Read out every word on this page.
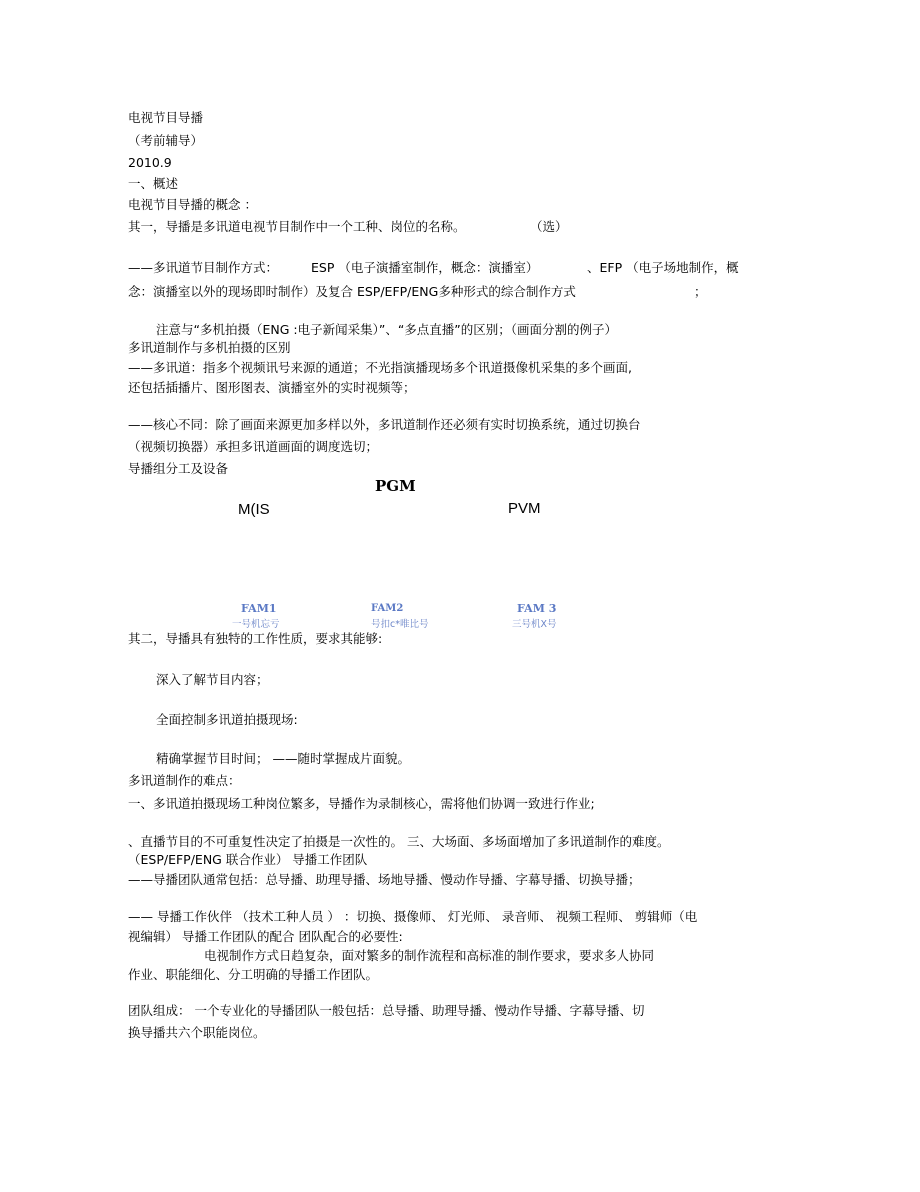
电视节目导播
（考前辅导）
2010.9
一、概述
电视节目导播的概念 ：
其一，导播是多讯道电视节目制作中一个工种、岗位的名称。	（选）
——多讯道节目制作方式：	ESP （电子演播室制作，概念：演播室）	、EFP （电子场地制作，概
念：演播室以外的现场即时制作）及复合 ESP/EFP/ENG多种形式的综合制作方式	；
注意与“多机拍摄（ENG :电子新闻采集）”、“多点直播”的区别；（画面分割的例子）
多讯道制作与多机拍摄的区别
——多讯道：指多个视频讯号来源的通道；不光指演播现场多个讯道摄像机采集的多个画面,
还包括插播片、图形图表、演播室外的实时视频等；
——核心不同：除了画面来源更加多样以外，多讯道制作还必须有实时切换系统，通过切换台
（视频切换器）承担多讯道画面的调度选切；
导播组分工及设备
PGM
M(IS	PVM
FAM1
一号机忘亏
FAM2
号扣c*唯比号
FAM 3
三号机X号
其二，导播具有独特的工作性质，要求其能够:
深入了解节目内容；
全面控制多讯道拍摄现场:
精确掌握节目时间； ——随时掌握成片面貌。
多讯道制作的难点：
一、多讯道拍摄现场工种岗位繁多，导播作为录制核心，需将他们协调一致进行作业;
、直播节目的不可重复性决定了拍摄是一次性的。 三、大场面、多场面增加了多讯道制作的难度。
（ESP/EFP/ENG 联合作业） 导播工作团队
——导播团队通常包括：总导播、助理导播、场地导播、慢动作导播、字幕导播、切换导播；
—— 导播工作伙伴 （技术工种人员 ） ：切换、摄像师、 灯光师、 录音师、 视频工程师、 剪辑师（电
视编辑） 导播工作团队的配合 团队配合的必要性:
电视制作方式日趋复杂，面对繁多的制作流程和高标准的制作要求，要求多人协同
作业、职能细化、分工明确的导播工作团队。
团队组成： 一个专业化的导播团队一般包括：总导播、助理导播、慢动作导播、字幕导播、切
换导播共六个职能岗位。
